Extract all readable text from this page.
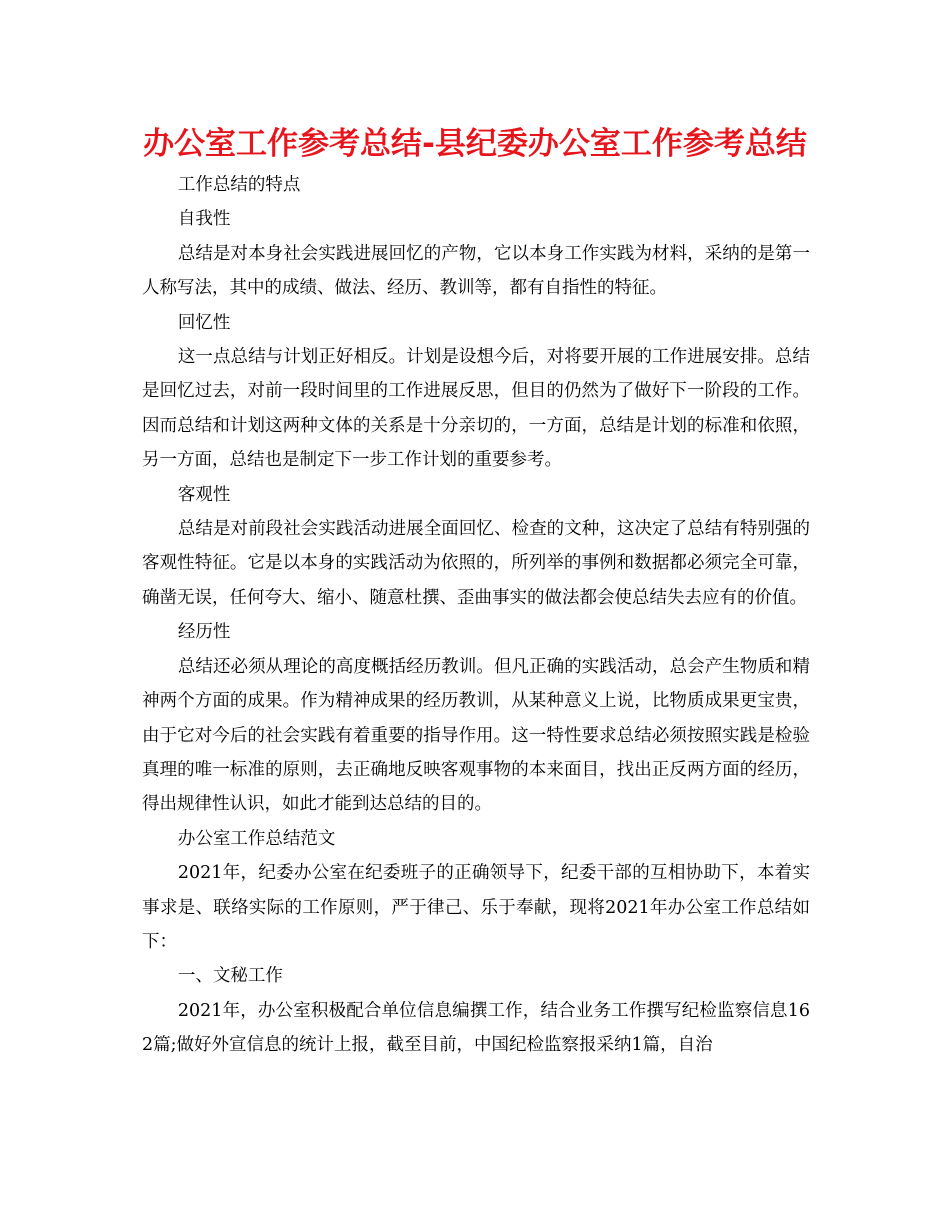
办公室工作参考总结-县纪委办公室工作参考总结

工作总结的特点

自我性

总结是对本身社会实践进展回忆的产物，它以本身工作实践为材料，采纳的是第一人称写法，其中的成绩、做法、经历、教训等，都有自指性的特征。

回忆性

这一点总结与计划正好相反。计划是设想今后，对将要开展的工作进展安排。总结是回忆过去，对前一段时间里的工作进展反思，但目的仍然为了做好下一阶段的工作。因而总结和计划这两种文体的关系是十分亲切的，一方面，总结是计划的标准和依照，另一方面，总结也是制定下一步工作计划的重要参考。

客观性

总结是对前段社会实践活动进展全面回忆、检查的文种，这决定了总结有特别强的客观性特征。它是以本身的实践活动为依照的，所列举的事例和数据都必须完全可靠，确凿无误，任何夸大、缩小、随意杜撰、歪曲事实的做法都会使总结失去应有的价值。

经历性

总结还必须从理论的高度概括经历教训。但凡正确的实践活动，总会产生物质和精神两个方面的成果。作为精神成果的经历教训，从某种意义上说，比物质成果更宝贵，由于它对今后的社会实践有着重要的指导作用。这一特性要求总结必须按照实践是检验真理的唯一标准的原则，去正确地反映客观事物的本来面目，找出正反两方面的经历，得出规律性认识，如此才能到达总结的目的。

办公室工作总结范文

2021年，纪委办公室在纪委班子的正确领导下，纪委干部的互相协助下，本着实事求是、联络实际的工作原则，严于律己、乐于奉献，现将2021年办公室工作总结如下：

一、文秘工作

2021年，办公室积极配合单位信息编撰工作，结合业务工作撰写纪检监察信息162篇;做好外宣信息的统计上报，截至目前，中国纪检监察报采纳1篇，自治
